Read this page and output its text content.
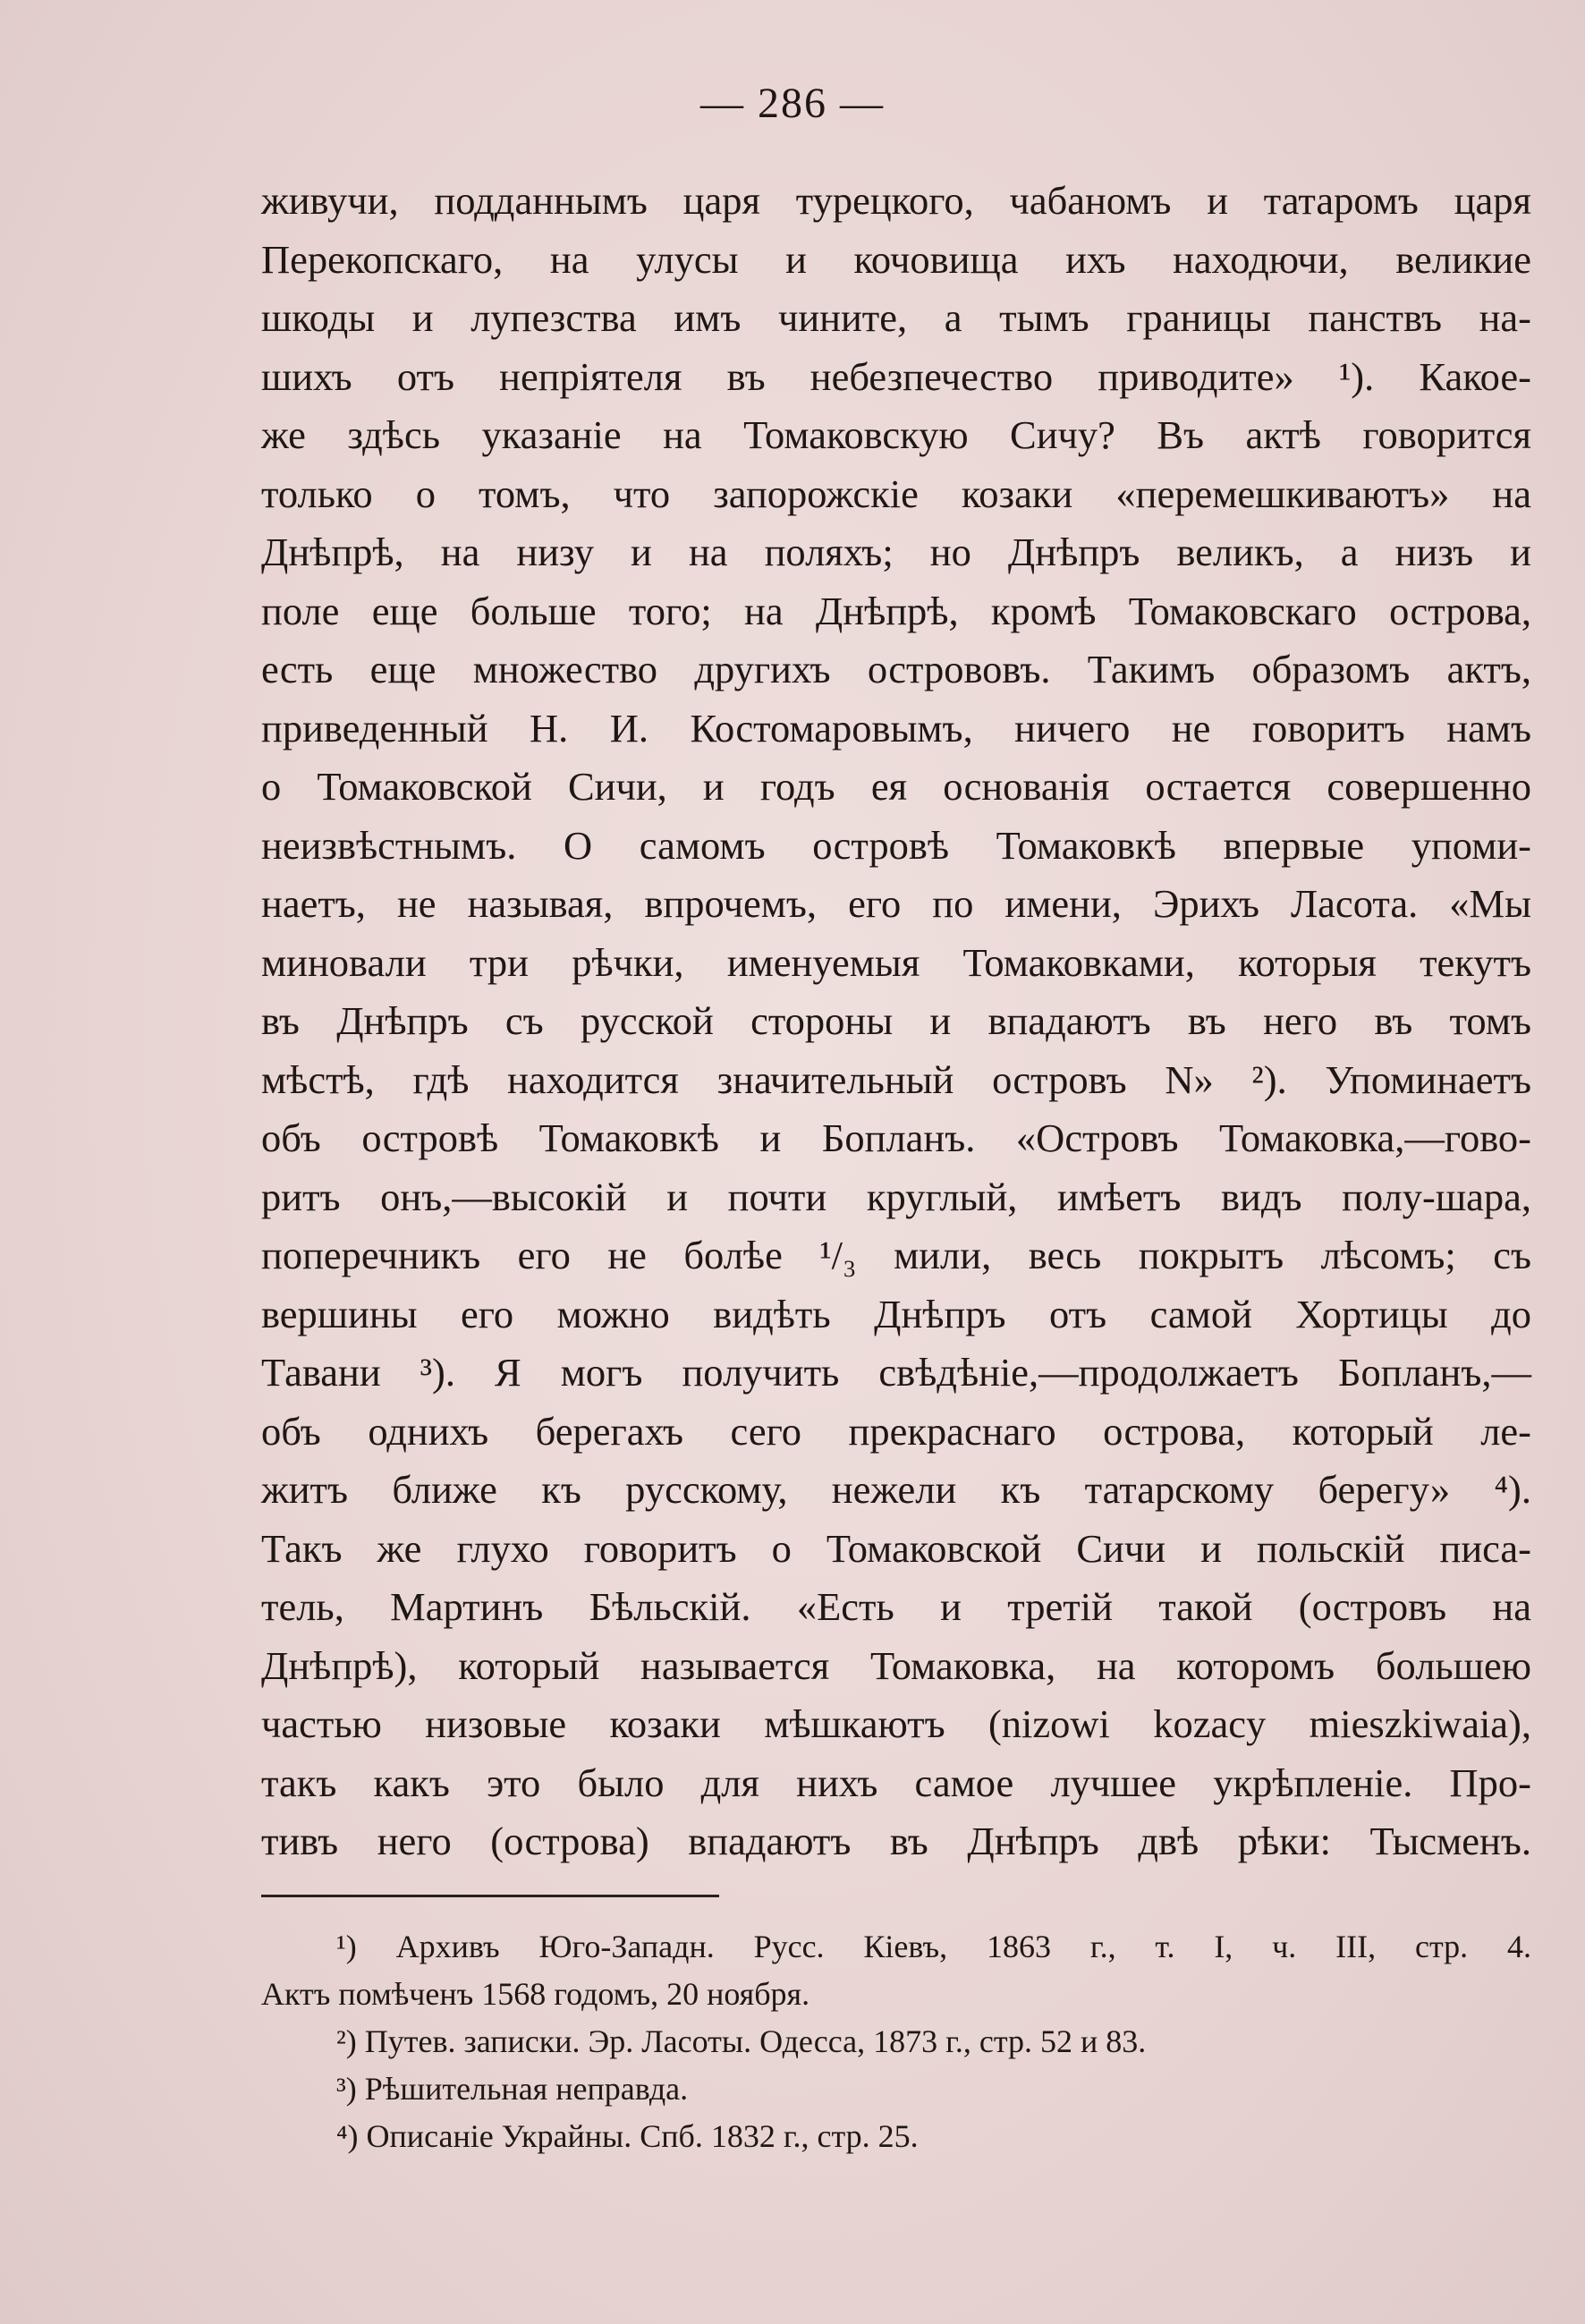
— 286 —
живучи, подданнымъ царя турецкого, чабаномъ и татаромъ царя
Перекопскаго, на улусы и кочовища ихъ находючи, великие
шкоды и лупезства имъ чините, а тымъ границы панствъ на-
шихъ отъ непріятеля въ небезпечество приводите» ¹). Какое-
же здѣсь указаніе на Томаковскую Сичу? Въ актѣ говорится
только о томъ, что запорожскіе козаки «перемешкиваютъ» на
Днѣпрѣ, на низу и на поляхъ; но Днѣпръ великъ, а низъ и
поле еще больше того; на Днѣпрѣ, кромѣ Томаковскаго острова,
есть еще множество другихъ острововъ. Такимъ образомъ актъ,
приведенный Н. И. Костомаровымъ, ничего не говоритъ намъ
о Томаковской Сичи, и годъ ея основанія остается совершенно
неизвѣстнымъ. О самомъ островѣ Томаковкѣ впервые упоми-
наетъ, не называя, впрочемъ, его по имени, Эрихъ Ласота. «Мы
миновали три рѣчки, именуемыя Томаковками, которыя текутъ
въ Днѣпръ съ русской стороны и впадаютъ въ него въ томъ
мѣстѣ, гдѣ находится значительный островъ N» ²). Упоминаетъ
объ островѣ Томаковкѣ и Бопланъ. «Островъ Томаковка,—гово-
ритъ онъ,—высокій и почти круглый, имѣетъ видъ полу-шара,
поперечникъ его не болѣе ¹/₃ мили, весь покрытъ лѣсомъ; съ
вершины его можно видѣть Днѣпръ отъ самой Хортицы до
Тавани ³). Я могъ получить свѣдѣніе,—продолжаетъ Бопланъ,—
объ однихъ берегахъ сего прекраснаго острова, который ле-
житъ ближе къ русскому, нежели къ татарскому берегу» ⁴).
Такъ же глухо говоритъ о Томаковской Сичи и польскій писа-
тель, Мартинъ Бѣльскій. «Есть и третій такой (островъ на
Днѣпрѣ), который называется Томаковка, на которомъ большею
частью низовые козаки мѣшкаютъ (nizowi kozacy mieszkiwaia),
такъ какъ это было для нихъ самое лучшее укрѣпленіе. Про-
тивъ него (острова) впадаютъ въ Днѣпръ двѣ рѣки: Тысменъ.
¹) Архивъ Юго-Западн. Русс. Кіевъ, 1863 г., т. І, ч. ІІІ, стр. 4.
Актъ помѣченъ 1568 годомъ, 20 ноября.
²) Путев. записки. Эр. Ласоты. Одесса, 1873 г., стр. 52 и 83.
³) Рѣшительная неправда.
⁴) Описаніе Украйны. Спб. 1832 г., стр. 25.
